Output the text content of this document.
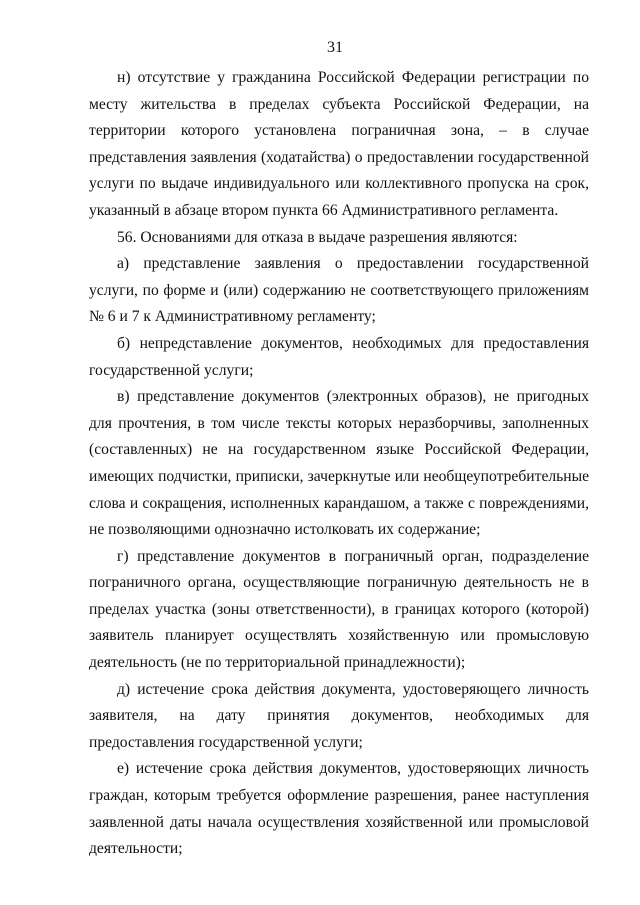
31

н) отсутствие у гражданина Российской Федерации регистрации по месту жительства в пределах субъекта Российской Федерации, на территории которого установлена пограничная зона, – в случае представления заявления (ходатайства) о предоставлении государственной услуги по выдаче индивидуального или коллективного пропуска на срок, указанный в абзаце втором пункта 66 Административного регламента.

56. Основаниями для отказа в выдаче разрешения являются:

а) представление заявления о предоставлении государственной услуги, по форме и (или) содержанию не соответствующего приложениям № 6 и 7 к Административному регламенту;

б) непредставление документов, необходимых для предоставления государственной услуги;

в) представление документов (электронных образов), не пригодных для прочтения, в том числе тексты которых неразборчивы, заполненных (составленных) не на государственном языке Российской Федерации, имеющих подчистки, приписки, зачеркнутые или необщеупотребительные слова и сокращения, исполненных карандашом, а также с повреждениями, не позволяющими однозначно истолковать их содержание;

г) представление документов в пограничный орган, подразделение пограничного органа, осуществляющие пограничную деятельность не в пределах участка (зоны ответственности), в границах которого (которой) заявитель планирует осуществлять хозяйственную или промысловую деятельность (не по территориальной принадлежности);

д) истечение срока действия документа, удостоверяющего личность заявителя, на дату принятия документов, необходимых для предоставления государственной услуги;

е) истечение срока действия документов, удостоверяющих личность граждан, которым требуется оформление разрешения, ранее наступления заявленной даты начала осуществления хозяйственной или промысловой деятельности;
